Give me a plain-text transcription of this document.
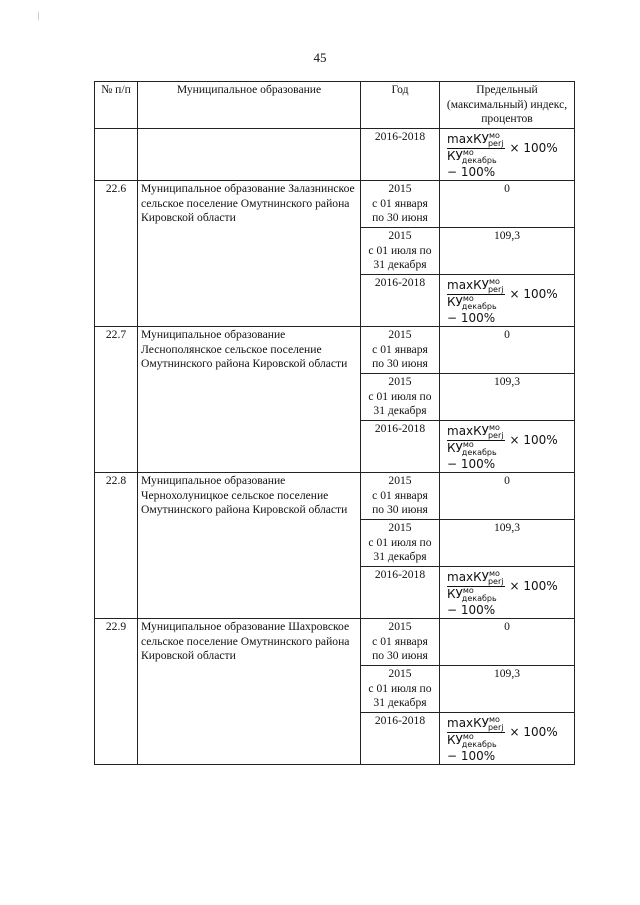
45
№ п/п	Муниципальное образование	Год	Предельный (максимальный) индекс, процентов
		2016-2018	$\frac{\max КУ^{мо}_{perj}}{КУ^{мо}_{декабрь}} \times 100\%$
− 100%

22.6	Муниципальное образование Залазнинское сельское поселение Омутнинского района Кировской области	2015
с 01 января
по 30 июня	0
		2015
с 01 июля по
31 декабря	109,3
		2016-2018	$\frac{\max КУ^{мо}_{perj}}{КУ^{мо}_{декабрь}} \times 100\%$
− 100%

22.7	Муниципальное образование Леснополянское сельское поселение Омутнинского района Кировской области	2015
с 01 января
по 30 июня	0
		2015
с 01 июля по
31 декабря	109,3
		2016-2018	$\frac{\max КУ^{мо}_{perj}}{КУ^{мо}_{декабрь}} \times 100\%$
− 100%

22.8	Муниципальное образование Чернохолуницкое сельское поселение Омутнинского района Кировской области	2015
с 01 января
по 30 июня	0
		2015
с 01 июля по
31 декабря	109,3
		2016-2018	$\frac{\max КУ^{мо}_{perj}}{КУ^{мо}_{декабрь}} \times 100\%$
− 100%

22.9	Муниципальное образование Шахровское сельское поселение Омутнинского района Кировской области	2015
с 01 января
по 30 июня	0
		2015
с 01 июля по
31 декабря	109,3
		2016-2018	$\frac{\max КУ^{мо}_{perj}}{КУ^{мо}_{декабрь}} \times 100\%$
− 100%
